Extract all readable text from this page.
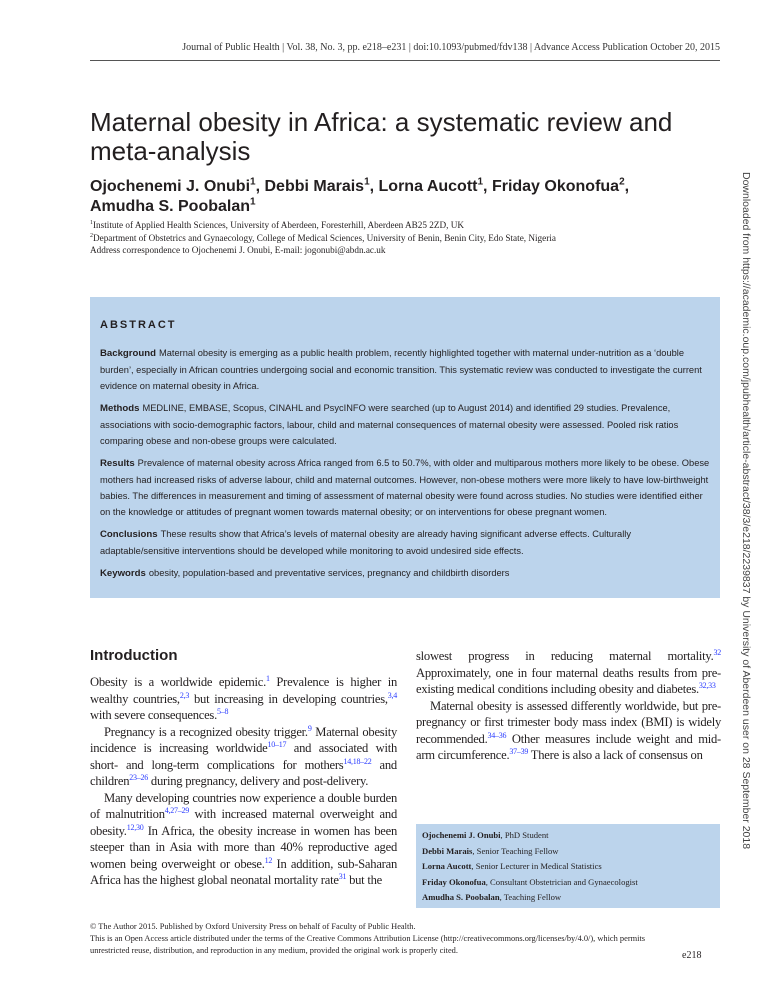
Journal of Public Health | Vol. 38, No. 3, pp. e218–e231 | doi:10.1093/pubmed/fdv138 | Advance Access Publication October 20, 2015
Maternal obesity in Africa: a systematic review and meta-analysis
Ojochenemi J. Onubi$^1$, Debbi Marais$^1$, Lorna Aucott$^1$, Friday Okonofua$^2$,
Amudha S. Poobalan$^1$
$^1$Institute of Applied Health Sciences, University of Aberdeen, Foresterhill, Aberdeen AB25 2ZD, UK
$^2$Department of Obstetrics and Gynaecology, College of Medical Sciences, University of Benin, Benin City, Edo State, Nigeria
Address correspondence to Ojochenemi J. Onubi, E-mail: jogonubi@abdn.ac.uk
ABSTRACT
Background Maternal obesity is emerging as a public health problem, recently highlighted together with maternal under-nutrition as a ‘double burden’, especially in African countries undergoing social and economic transition. This systematic review was conducted to investigate the current evidence on maternal obesity in Africa.
Methods MEDLINE, EMBASE, Scopus, CINAHL and PsycINFO were searched (up to August 2014) and identified 29 studies. Prevalence, associations with socio-demographic factors, labour, child and maternal consequences of maternal obesity were assessed. Pooled risk ratios comparing obese and non-obese groups were calculated.
Results Prevalence of maternal obesity across Africa ranged from 6.5 to 50.7%, with older and multiparous mothers more likely to be obese. Obese mothers had increased risks of adverse labour, child and maternal outcomes. However, non-obese mothers were more likely to have low-birthweight babies. The differences in measurement and timing of assessment of maternal obesity were found across studies. No studies were identified either on the knowledge or attitudes of pregnant women towards maternal obesity; or on interventions for obese pregnant women.
Conclusions These results show that Africa’s levels of maternal obesity are already having significant adverse effects. Culturally adaptable/sensitive interventions should be developed while monitoring to avoid undesired side effects.
Keywords obesity, population-based and preventative services, pregnancy and childbirth disorders
Introduction

Obesity is a worldwide epidemic.$^1$ Prevalence is higher in wealthy countries,$^{2,3}$ but increasing in developing countries,$^{3,4}$ with severe consequences.$^{5-8}$

Pregnancy is a recognized obesity trigger.$^9$ Maternal obesity incidence is increasing worldwide$^{10-17}$ and associated with short- and long-term complications for mothers$^{14,18-22}$ and children$^{23-26}$ during pregnancy, delivery and post-delivery.

Many developing countries now experience a double burden of malnutrition$^{4,27-29}$ with increased maternal overweight and obesity.$^{12,30}$ In Africa, the obesity increase in women has been steeper than in Asia with more than 40% reproductive aged women being overweight or obese.$^{12}$ In addition, sub-Saharan Africa has the highest global neonatal mortality rate$^{31}$ but the

slowest progress in reducing maternal mortality.$^{32}$ Approximately, one in four maternal deaths results from pre-existing medical conditions including obesity and diabetes.$^{32,33}$

Maternal obesity is assessed differently worldwide, but pre-pregnancy or first trimester body mass index (BMI) is widely recommended.$^{34-36}$ Other measures include weight and mid-arm circumference.$^{37-39}$ There is also a lack of consensus on

Ojochenemi J. Onubi, PhD Student
Debbi Marais, Senior Teaching Fellow
Lorna Aucott, Senior Lecturer in Medical Statistics
Friday Okonofua, Consultant Obstetrician and Gynaecologist
Amudha S. Poobalan, Teaching Fellow
© The Author 2015. Published by Oxford University Press on behalf of Faculty of Public Health.
This is an Open Access article distributed under the terms of the Creative Commons Attribution License (http://creativecommons.org/licenses/by/4.0/), which permits unrestricted reuse, distribution, and reproduction in any medium, provided the original work is properly cited.	e218
Downloaded from https://academic.oup.com/jpubhealth/article-abstract/38/3/e218/2239837 by University of Aberdeen user on 28 September 2018
